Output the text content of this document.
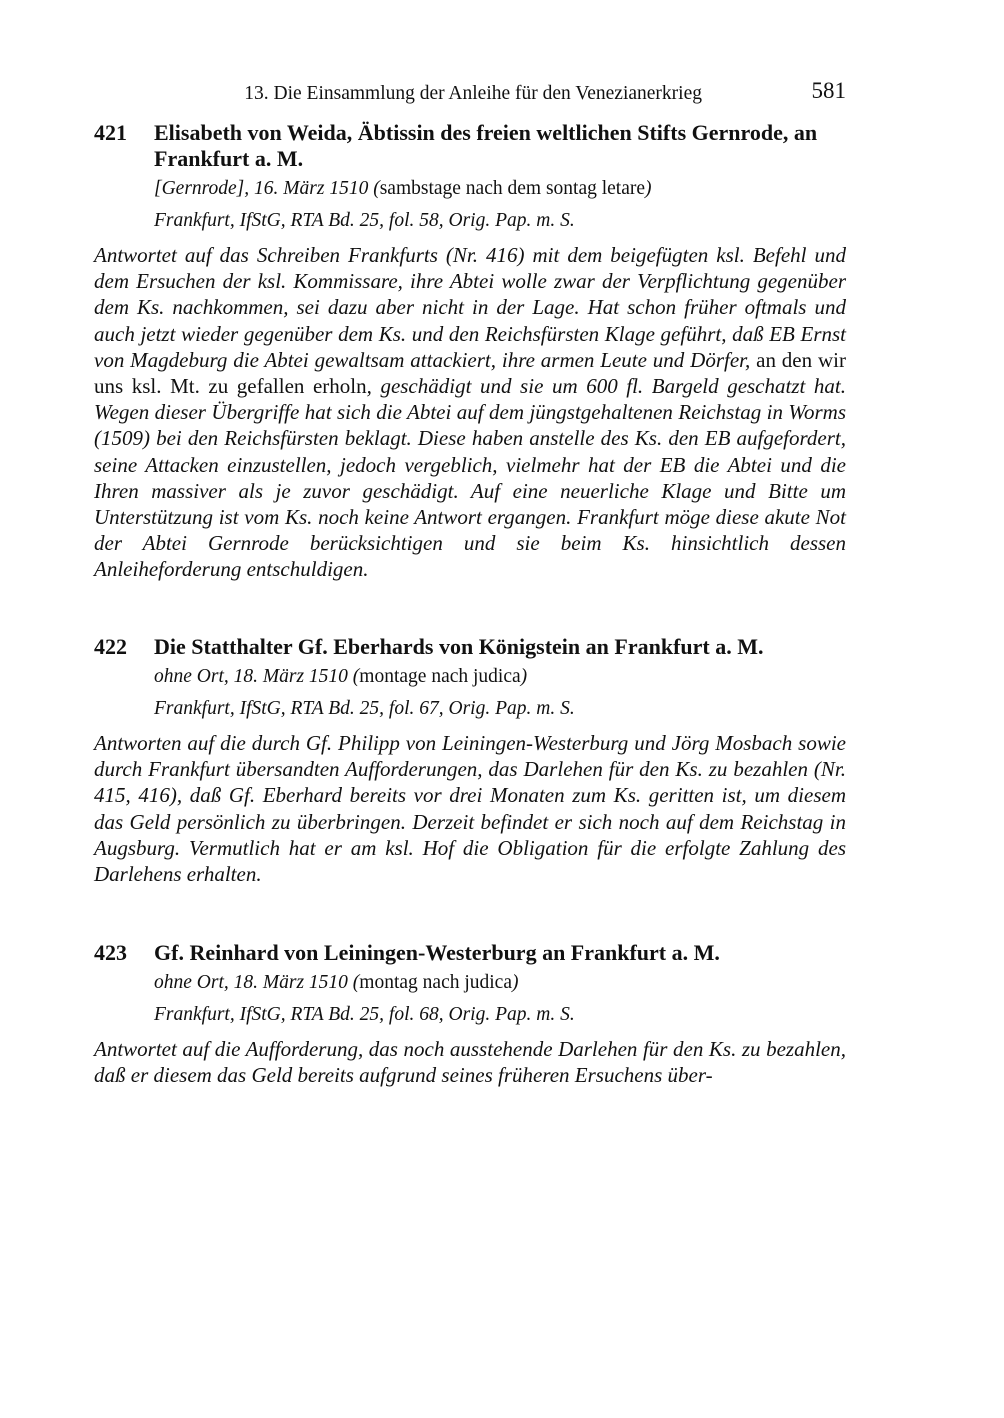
13. Die Einsammlung der Anleihe für den Venezianerkrieg	581
421 Elisabeth von Weida, Äbtissin des freien weltlichen Stifts Gernrode, an Frankfurt a. M.
[Gernrode], 16. März 1510 (sambstage nach dem sontag letare)
Frankfurt, IfStG, RTA Bd. 25, fol. 58, Orig. Pap. m. S.
Antwortet auf das Schreiben Frankfurts (Nr. 416) mit dem beigefügten ksl. Befehl und dem Ersuchen der ksl. Kommissare, ihre Abtei wolle zwar der Verpflichtung gegenüber dem Ks. nachkommen, sei dazu aber nicht in der Lage. Hat schon früher oftmals und auch jetzt wieder gegenüber dem Ks. und den Reichsfürsten Klage geführt, daß EB Ernst von Magdeburg die Abtei gewaltsam attackiert, ihre armen Leute und Dörfer, an den wir uns ksl. Mt. zu gefallen erholn, geschädigt und sie um 600 fl. Bargeld geschatzt hat. Wegen dieser Übergriffe hat sich die Abtei auf dem jüngstgehaltenen Reichstag in Worms (1509) bei den Reichsfürsten beklagt. Diese haben anstelle des Ks. den EB aufgefordert, seine Attacken einzustellen, jedoch vergeblich, vielmehr hat der EB die Abtei und die Ihren massiver als je zuvor geschädigt. Auf eine neuerliche Klage und Bitte um Unterstützung ist vom Ks. noch keine Antwort ergangen. Frankfurt möge diese akute Not der Abtei Gernrode berücksichtigen und sie beim Ks. hinsichtlich dessen Anleiheforderung entschuldigen.
422 Die Statthalter Gf. Eberhards von Königstein an Frankfurt a. M.
ohne Ort, 18. März 1510 (montage nach judica)
Frankfurt, IfStG, RTA Bd. 25, fol. 67, Orig. Pap. m. S.
Antworten auf die durch Gf. Philipp von Leiningen-Westerburg und Jörg Mosbach sowie durch Frankfurt übersandten Aufforderungen, das Darlehen für den Ks. zu bezahlen (Nr. 415, 416), daß Gf. Eberhard bereits vor drei Monaten zum Ks. geritten ist, um diesem das Geld persönlich zu überbringen. Derzeit befindet er sich noch auf dem Reichstag in Augsburg. Vermutlich hat er am ksl. Hof die Obligation für die erfolgte Zahlung des Darlehens erhalten.
423 Gf. Reinhard von Leiningen-Westerburg an Frankfurt a. M.
ohne Ort, 18. März 1510 (montag nach judica)
Frankfurt, IfStG, RTA Bd. 25, fol. 68, Orig. Pap. m. S.
Antwortet auf die Aufforderung, das noch ausstehende Darlehen für den Ks. zu bezahlen, daß er diesem das Geld bereits aufgrund seines früheren Ersuchens über-
